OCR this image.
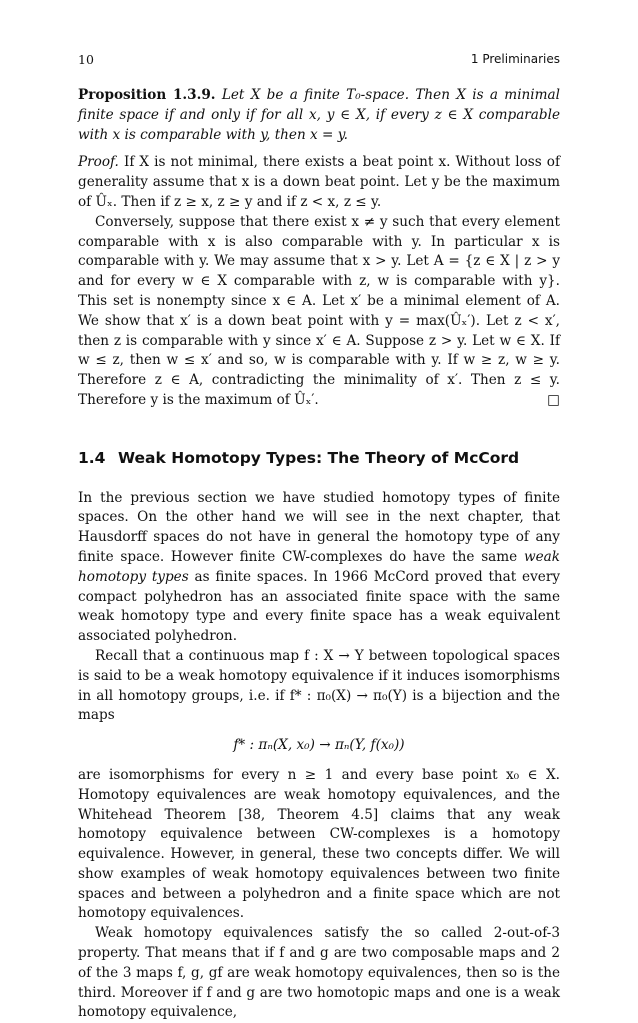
10	1 Preliminaries

Proposition 1.3.9. Let X be a finite T₀-space. Then X is a minimal finite space if and only if for all x, y ∈ X, if every z ∈ X comparable with x is comparable with y, then x = y.

Proof. If X is not minimal, there exists a beat point x. Without loss of generality assume that x is a down beat point. Let y be the maximum of Ûₓ. Then if z ≥ x, z ≥ y and if z < x, z ≤ y.

Conversely, suppose that there exist x ≠ y such that every element comparable with x is also comparable with y. In particular x is comparable with y. We may assume that x > y. Let A = {z ∈ X | z > y and for every w ∈ X comparable with z, w is comparable with y}. This set is nonempty since x ∈ A. Let x′ be a minimal element of A. We show that x′ is a down beat point with y = max(Ûₓ′). Let z < x′, then z is comparable with y since x′ ∈ A. Suppose z > y. Let w ∈ X. If w ≤ z, then w ≤ x′ and so, w is comparable with y. If w ≥ z, w ≥ y. Therefore z ∈ A, contradicting the minimality of x′. Then z ≤ y. Therefore y is the maximum of Ûₓ′.	□

1.4 Weak Homotopy Types: The Theory of McCord

In the previous section we have studied homotopy types of finite spaces. On the other hand we will see in the next chapter, that Hausdorff spaces do not have in general the homotopy type of any finite space. However finite CW-complexes do have the same weak homotopy types as finite spaces. In 1966 McCord proved that every compact polyhedron has an associated finite space with the same weak homotopy type and every finite space has a weak equivalent associated polyhedron.

Recall that a continuous map f : X → Y between topological spaces is said to be a weak homotopy equivalence if it induces isomorphisms in all homotopy groups, i.e. if f* : π₀(X) → π₀(Y) is a bijection and the maps

f* : πₙ(X, x₀) → πₙ(Y, f(x₀))

are isomorphisms for every n ≥ 1 and every base point x₀ ∈ X. Homotopy equivalences are weak homotopy equivalences, and the Whitehead Theorem [38, Theorem 4.5] claims that any weak homotopy equivalence between CW-complexes is a homotopy equivalence. However, in general, these two concepts differ. We will show examples of weak homotopy equivalences between two finite spaces and between a polyhedron and a finite space which are not homotopy equivalences.

Weak homotopy equivalences satisfy the so called 2-out-of-3 property. That means that if f and g are two composable maps and 2 of the 3 maps f, g, gf are weak homotopy equivalences, then so is the third. Moreover if f and g are two homotopic maps and one is a weak homotopy equivalence,
